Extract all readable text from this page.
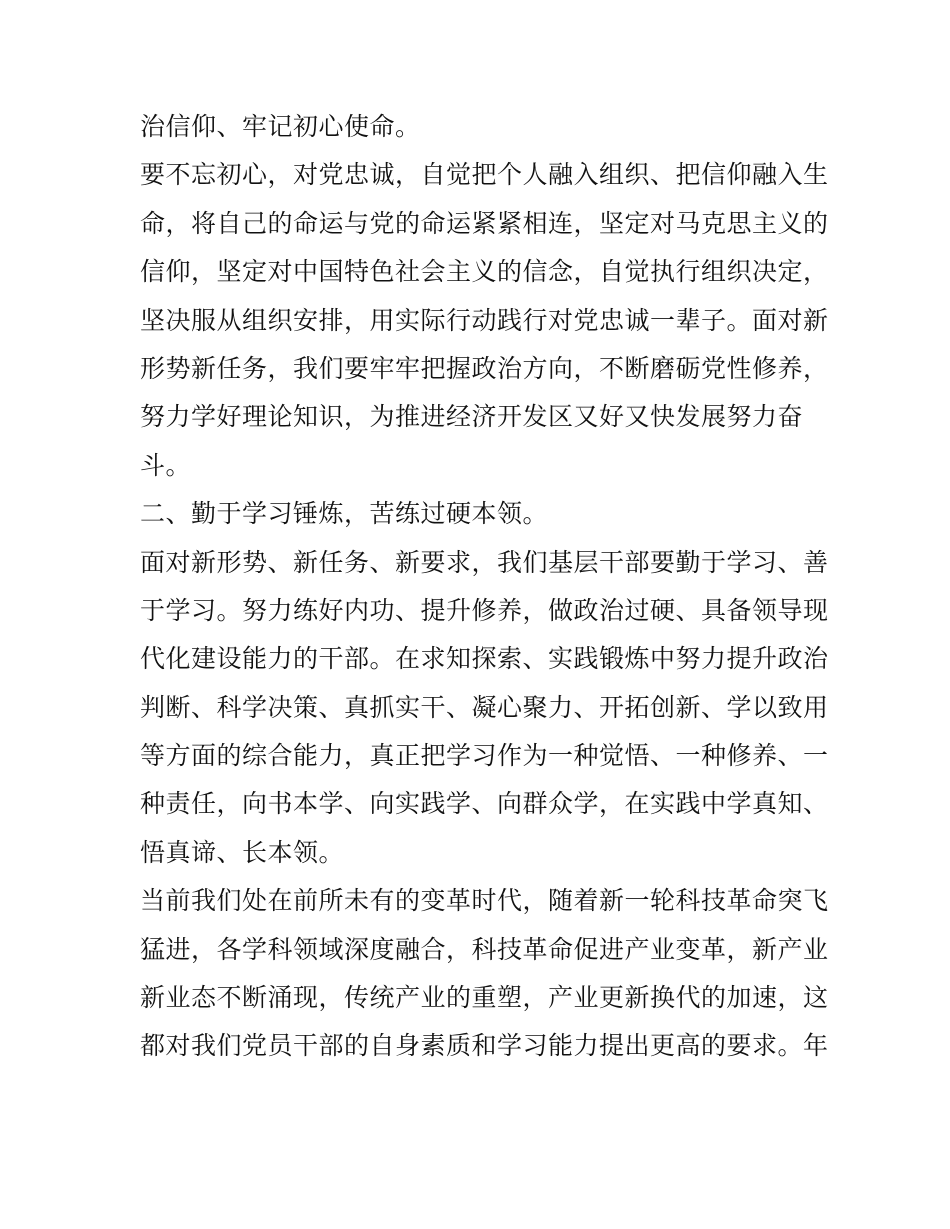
治信仰、牢记初心使命。
要不忘初心，对党忠诚，自觉把个人融入组织、把信仰融入生
命，将自己的命运与党的命运紧紧相连，坚定对马克思主义的
信仰，坚定对中国特色社会主义的信念，自觉执行组织决定，
坚决服从组织安排，用实际行动践行对党忠诚一辈子。面对新
形势新任务，我们要牢牢把握政治方向，不断磨砺党性修养，
努力学好理论知识，为推进经济开发区又好又快发展努力奋
斗。
二、勤于学习锤炼，苦练过硬本领。
面对新形势、新任务、新要求，我们基层干部要勤于学习、善
于学习。努力练好内功、提升修养，做政治过硬、具备领导现
代化建设能力的干部。在求知探索、实践锻炼中努力提升政治
判断、科学决策、真抓实干、凝心聚力、开拓创新、学以致用
等方面的综合能力，真正把学习作为一种觉悟、一种修养、一
种责任，向书本学、向实践学、向群众学，在实践中学真知、
悟真谛、长本领。
当前我们处在前所未有的变革时代，随着新一轮科技革命突飞
猛进，各学科领域深度融合，科技革命促进产业变革，新产业
新业态不断涌现，传统产业的重塑，产业更新换代的加速，这
都对我们党员干部的自身素质和学习能力提出更高的要求。年
